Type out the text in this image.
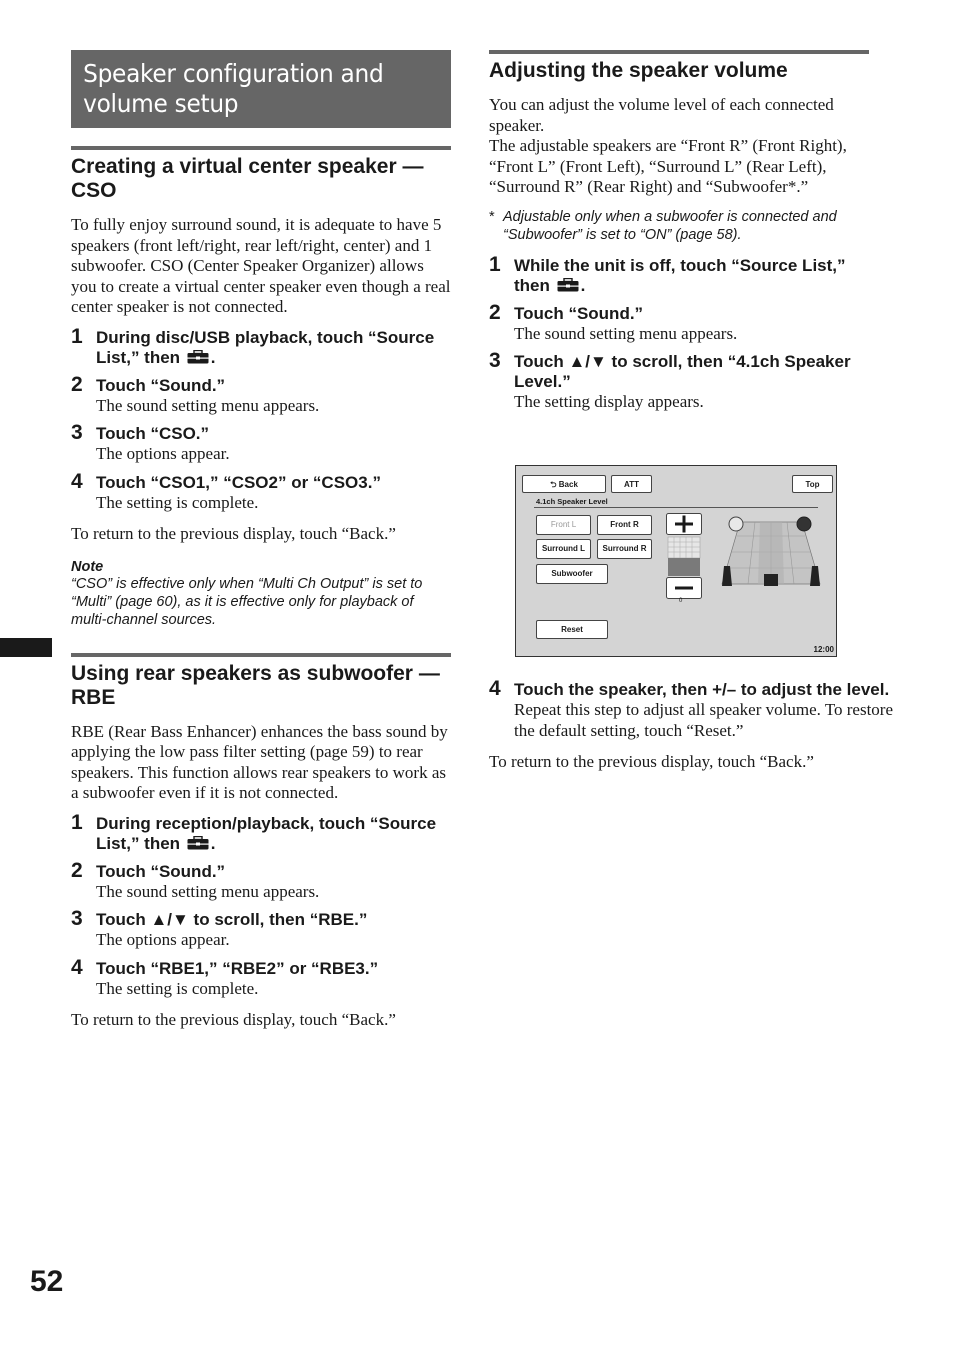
Speaker configuration and volume setup
Creating a virtual center speaker — CSO

To fully enjoy surround sound, it is adequate to have 5 speakers (front left/right, rear left/right, center) and 1 subwoofer. CSO (Center Speaker Organizer) allows you to create a virtual center speaker even though a real center speaker is not connected.

1 During disc/USB playback, touch “Source List,” then .
2 Touch “Sound.”
The sound setting menu appears.
3 Touch “CSO.”
The options appear.
4 Touch “CSO1,” “CSO2” or “CSO3.”
The setting is complete.

To return to the previous display, touch “Back.”

Note
“CSO” is effective only when “Multi Ch Output” is set to “Multi” (page 60), as it is effective only for playback of multi-channel sources.
Using rear speakers as subwoofer — RBE

RBE (Rear Bass Enhancer) enhances the bass sound by applying the low pass filter setting (page 59) to rear speakers. This function allows rear speakers to work as a subwoofer even if it is not connected.

1 During reception/playback, touch “Source List,” then .
2 Touch “Sound.”
The sound setting menu appears.
3 Touch ▲/▼ to scroll, then “RBE.”
The options appear.
4 Touch “RBE1,” “RBE2” or “RBE3.”
The setting is complete.

To return to the previous display, touch “Back.”

Adjusting the speaker volume

You can adjust the volume level of each connected speaker.

The adjustable speakers are “Front R” (Front Right), “Front L” (Front Left), “Surround L” (Rear Left), “Surround R” (Rear Right) and “Subwoofer*.”

* Adjustable only when a subwoofer is connected and “Subwoofer” is set to “ON” (page 58).
1 While the unit is off, touch “Source List,” then .
2 Touch “Sound.”
The sound setting menu appears.
3 Touch ▲/▼ to scroll, then “4.1ch Speaker Level.”
The setting display appears.
4 Touch the speaker, then +/– to adjust the level.
Repeat this step to adjust all speaker volume. To restore the default setting, touch “Reset.”

To return to the previous display, touch “Back.”

⮌ Back	ATT	Top
4.1ch Speaker Level
Front L	Front R
Surround L	Surround R
Subwoofer
Reset
0
12:00
52
